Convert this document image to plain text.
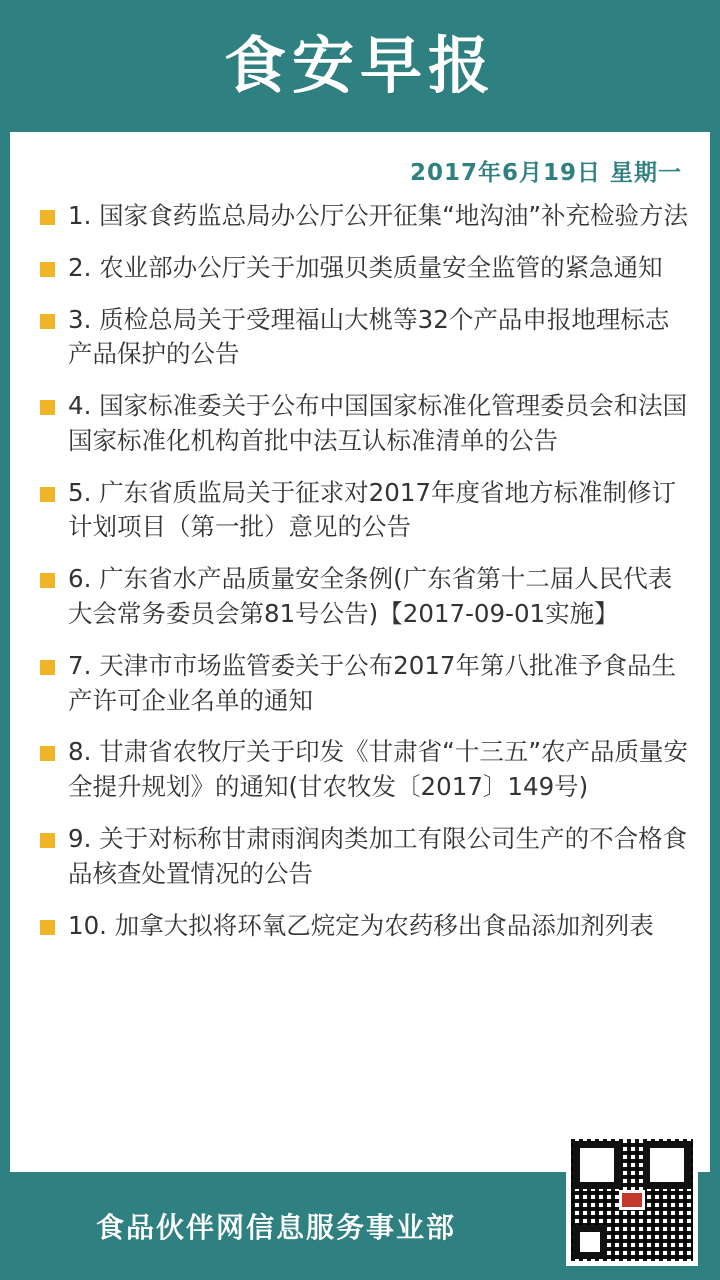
食安早报
2017年6月19日 星期一
1. 国家食药监总局办公厅公开征集“地沟油”补充检验方法
2. 农业部办公厅关于加强贝类质量安全监管的紧急通知
3. 质检总局关于受理福山大桃等32个产品申报地理标志产品保护的公告
4. 国家标准委关于公布中国国家标准化管理委员会和法国国家标准化机构首批中法互认标准清单的公告
5. 广东省质监局关于征求对2017年度省地方标准制修订计划项目（第一批）意见的公告
6. 广东省水产品质量安全条例(广东省第十二届人民代表大会常务委员会第81号公告)【2017-09-01实施】
7. 天津市市场监管委关于公布2017年第八批准予食品生产许可企业名单的通知
8. 甘肃省农牧厅关于印发《甘肃省“十三五”农产品质量安全提升规划》的通知(甘农牧发〔2017〕149号)
9. 关于对标称甘肃雨润肉类加工有限公司生产的不合格食品核查处置情况的公告
10. 加拿大拟将环氧乙烷定为农药移出食品添加剂列表
食品伙伴网信息服务事业部
